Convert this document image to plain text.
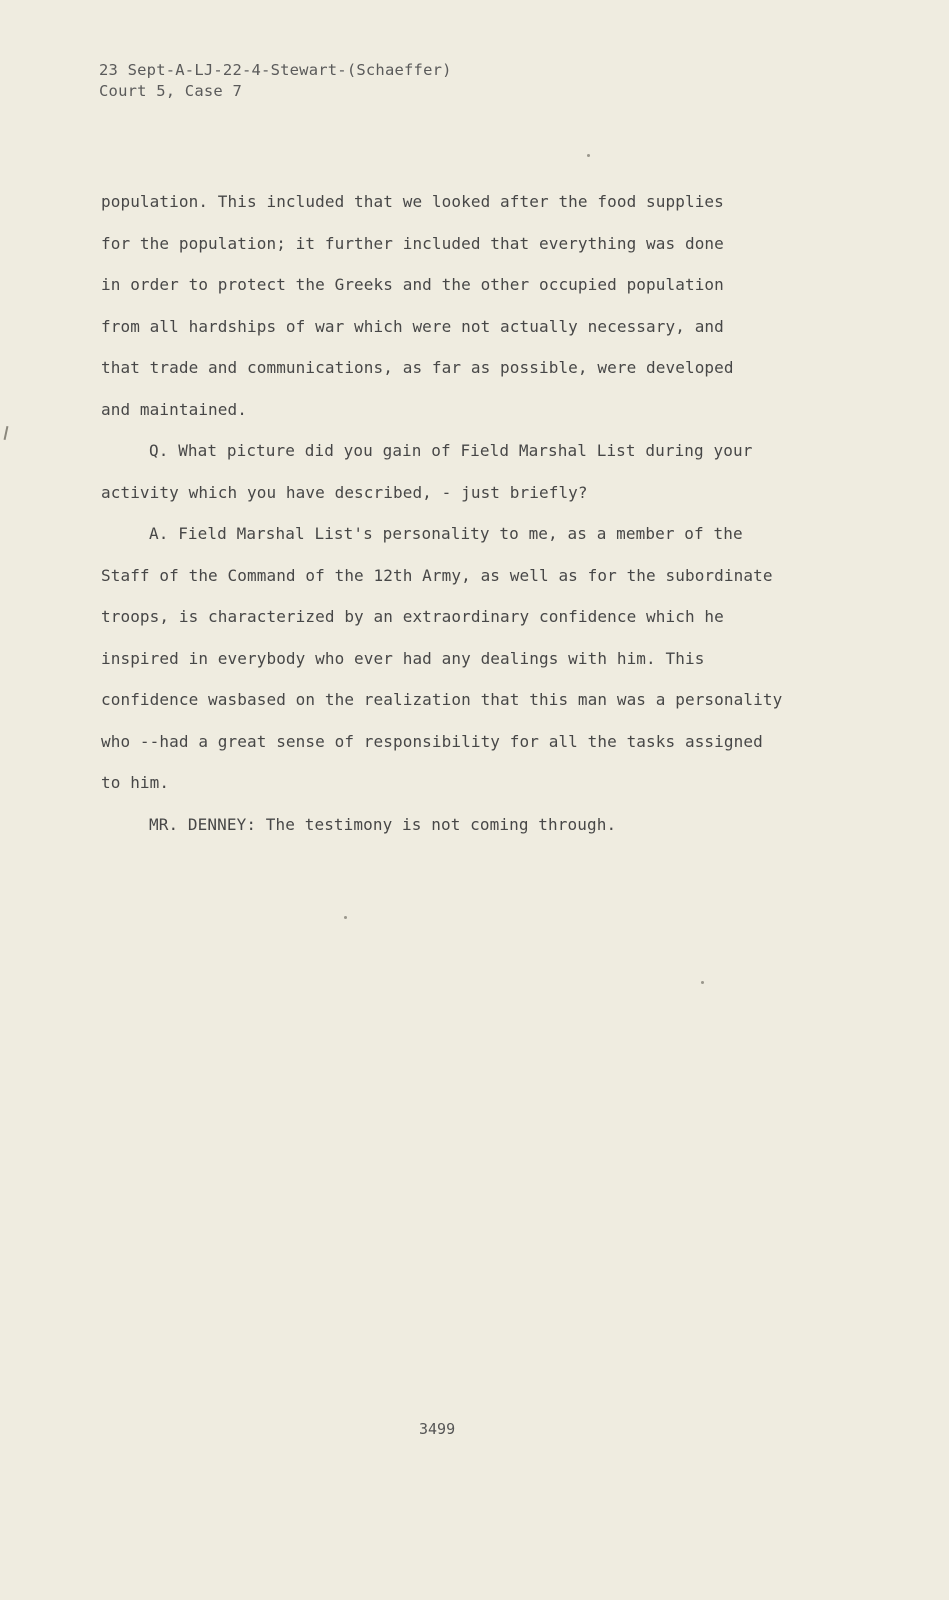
23 Sept-A-LJ-22-4-Stewart-(Schaeffer)
Court 5, Case 7
population. This included that we looked after the food supplies
for the population; it further included that everything was done
in order to protect the Greeks and the other occupied population
from all hardships of war which were not actually necessary, and
that trade and communications, as far as possible, were developed
and maintained.
Q. What picture did you gain of Field Marshal List during your
activity which you have described, - just briefly?
A. Field Marshal List's personality to me, as a member of the
Staff of the Command of the 12th Army, as well as for the subordinate
troops, is characterized by an extraordinary confidence which he
inspired in everybody who ever had any dealings with him. This
confidence wasbased on the realization that this man was a personality
who --had a great sense of responsibility for all the tasks assigned
to him.
MR. DENNEY: The testimony is not coming through.
3499
